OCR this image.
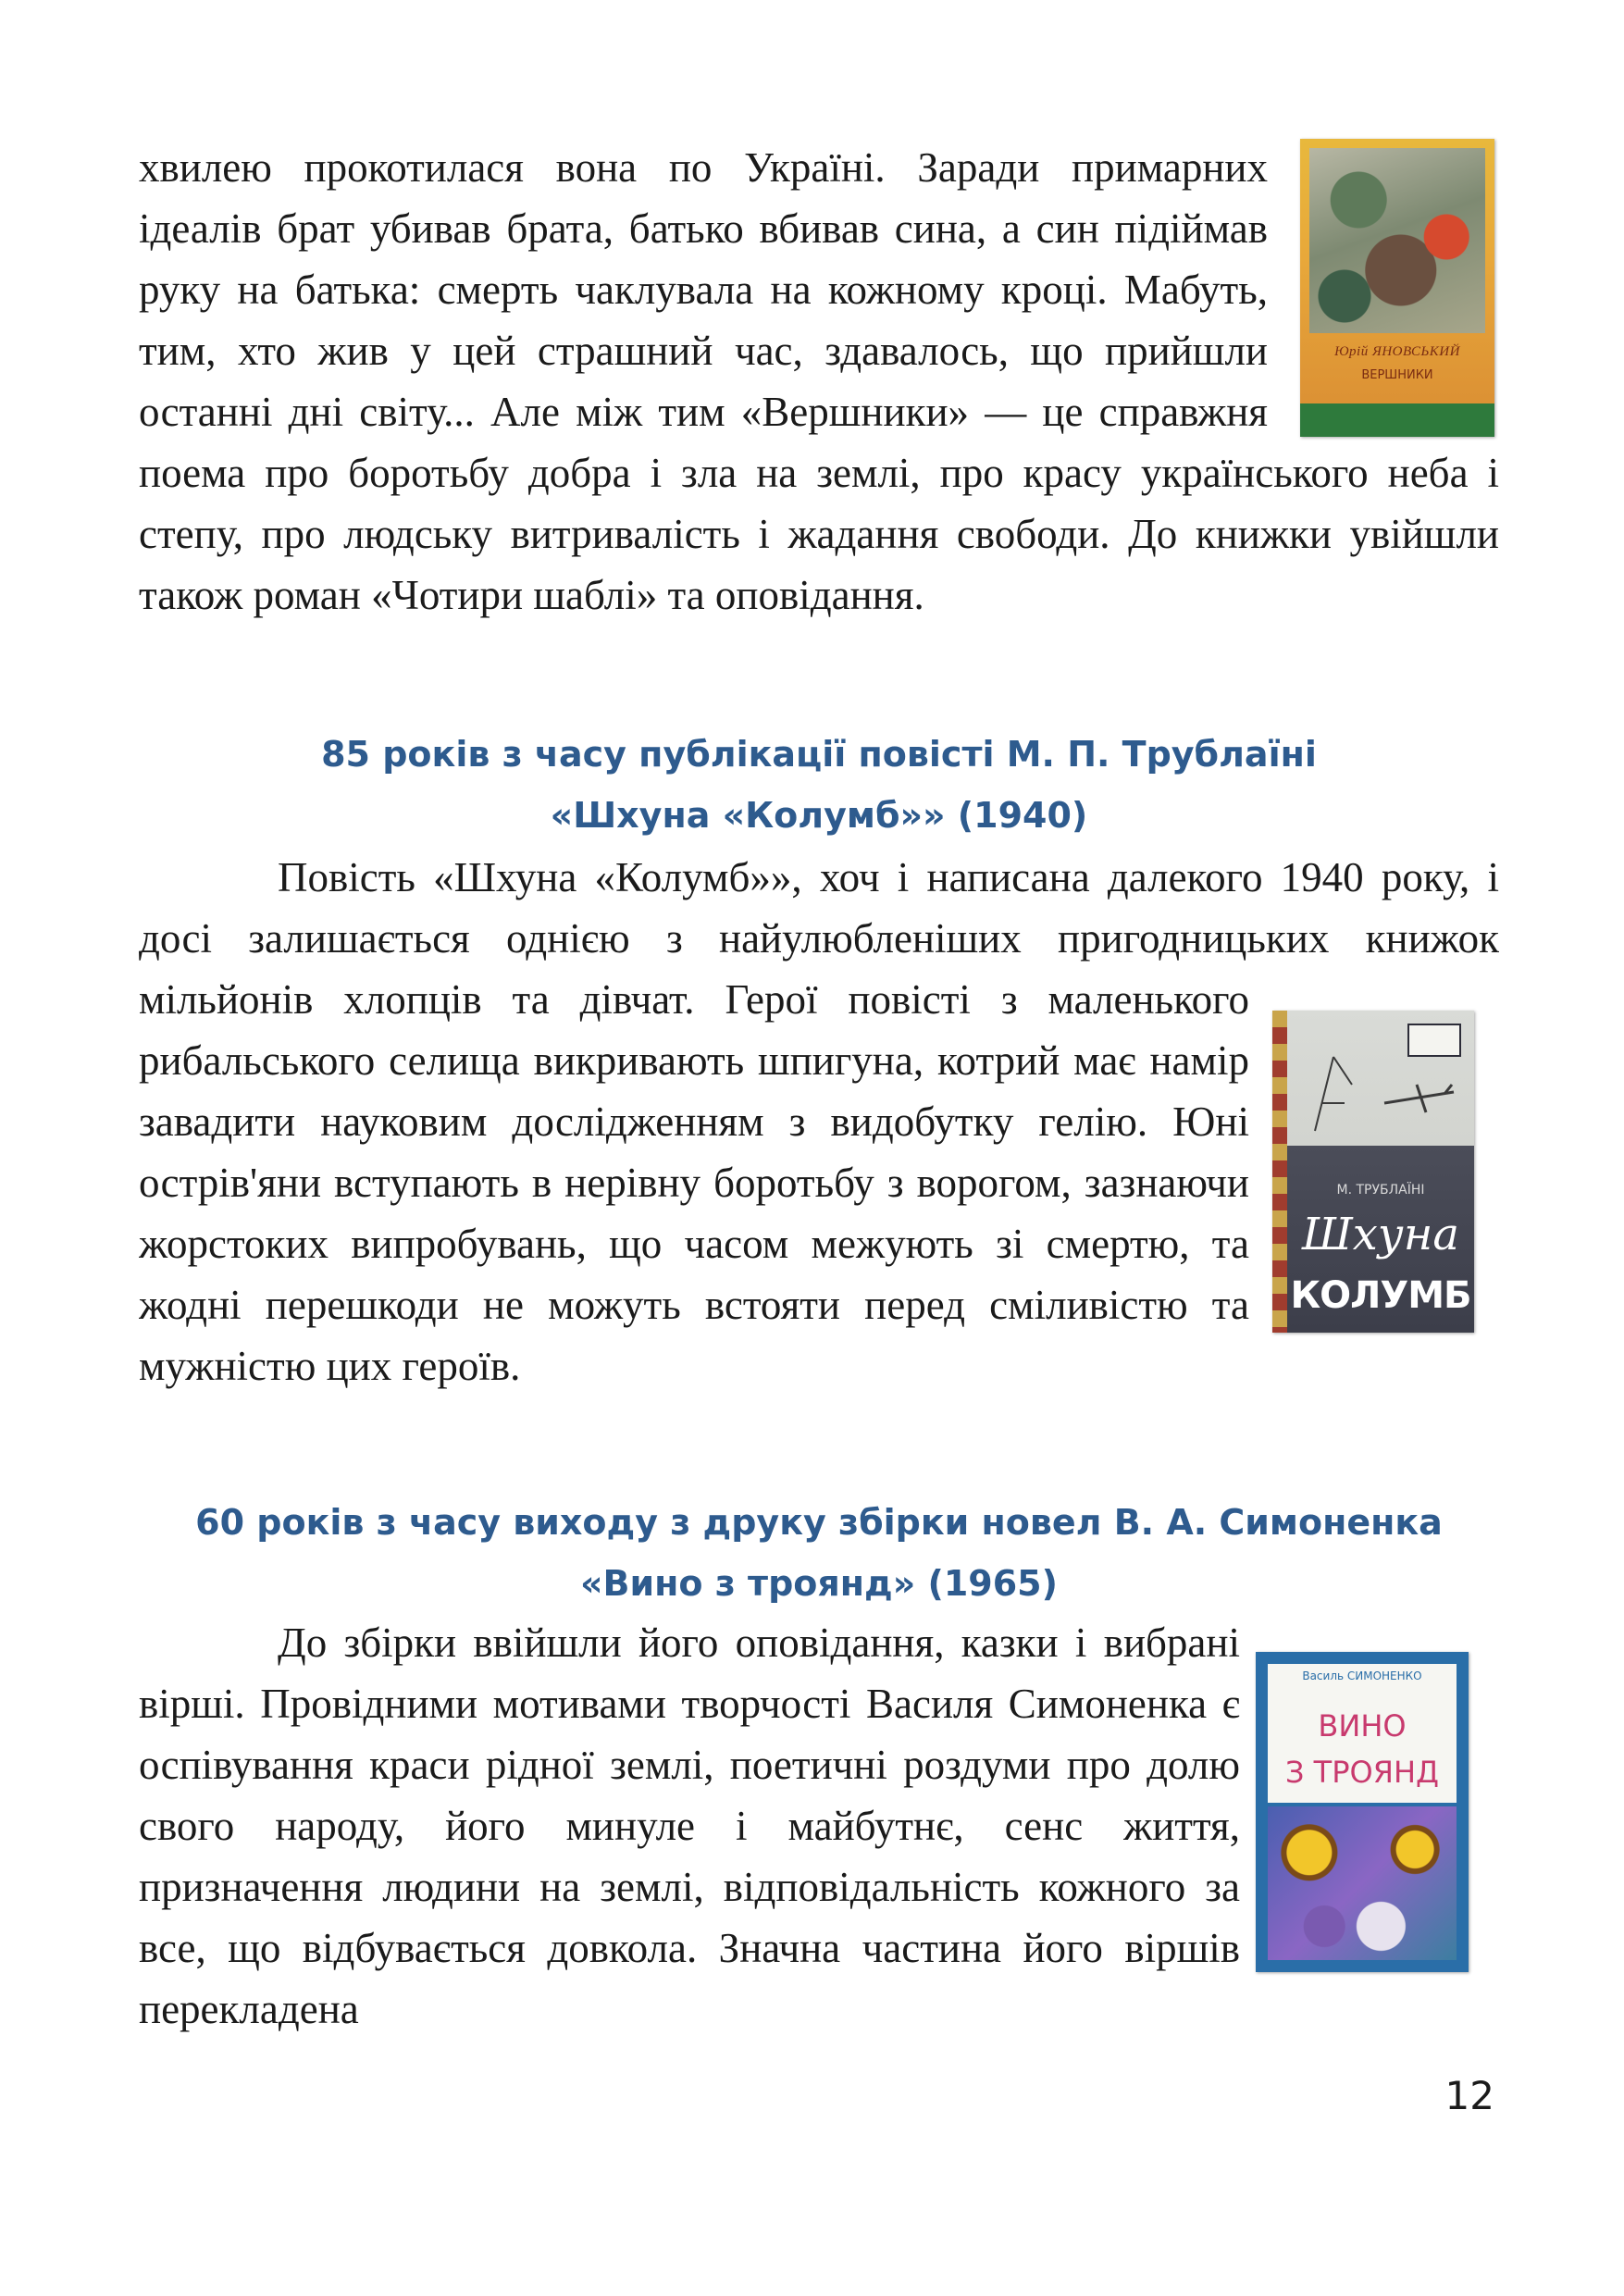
хвилею прокотилася вона по Україні. Заради примарних ідеалів брат убивав брата, батько вбивав сина, а син підіймав руку на батька: смерть чаклувала на кожному кроці. Мабуть, тим, хто жив у цей страшний час, здавалось, що прийшли останні дні світу... Але між тим «Вершники» — це справжня поема про боротьбу добра і зла на землі, про красу українського неба і степу, про людську витривалість і жадання свободи. До книжки увійшли також роман «Чотири шаблі» та оповідання.

Юрій ЯНОВСЬКИЙ
ВЕРШНИКИ
85 років з часу публікації повісті М. П. Трублаїні
«Шхуна «Колумб»» (1940)

Повість «Шхуна «Колумб»», хоч і написана далекого 1940 року, і досі залишається однією з найулюбленіших пригодницьких книжок мільйонів хлопців та дівчат. Герої повісті з маленького рибальського селища викривають шпигуна, котрий має намір завадити науковим дослідженням з видобутку гелію. Юні острів'яни вступають в нерівну боротьбу з ворогом, зазнаючи жорстоких випробувань, що часом межують зі смертю, та жодні перешкоди не можуть встояти перед сміливістю та мужністю цих героїв.

М. ТРУБЛАЇНІ
Шхуна
КОЛУМБ
60 років з часу виходу з друку збірки новел В. А. Симоненка
«Вино з троянд» (1965)

До збірки ввійшли його оповідання, казки і вибрані вірші. Провідними мотивами творчості Василя Симоненка є оспівування краси рідної землі, поетичні роздуми про долю свого народу, його минуле і майбутнє, сенс життя, призначення людини на землі, відповідальність кожного за все, що відбувається довкола. Значна частина його віршів перекладена

Василь СИМОНЕНКО
ВИНО
З ТРОЯНД
12
